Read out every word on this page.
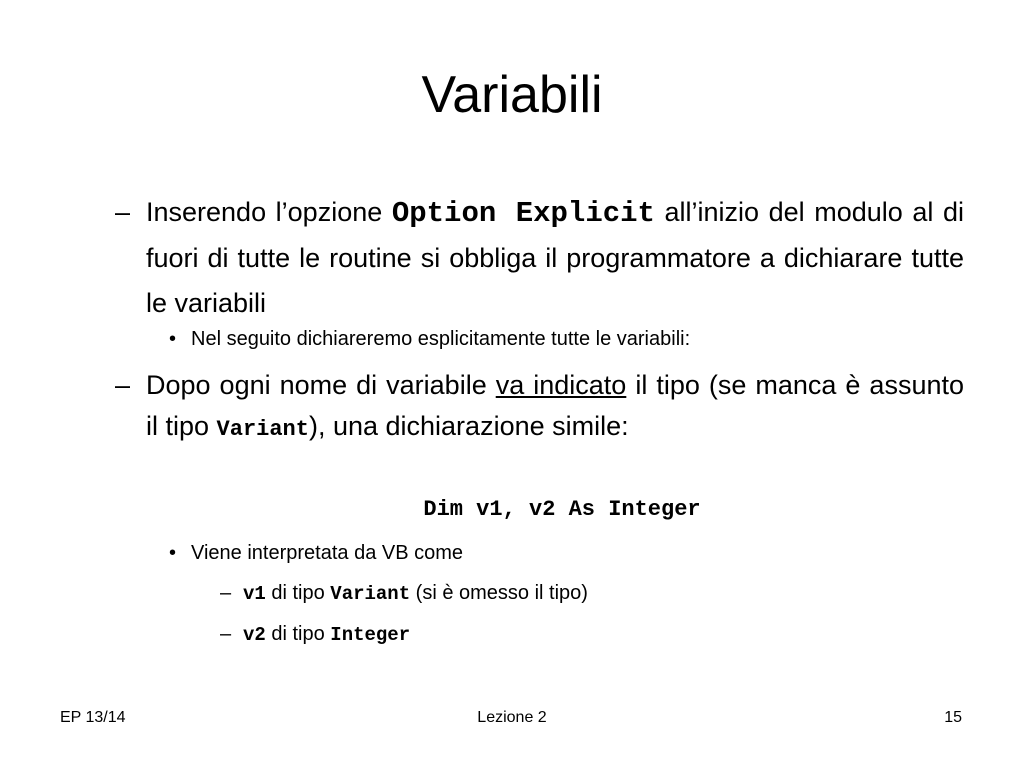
Variabili
– Inserendo l’opzione Option Explicit all’inizio del modulo al di fuori di tutte le routine si obbliga il programmatore a dichiarare tutte le variabili
• Nel seguito dichiareremo esplicitamente tutte le variabili:
– Dopo ogni nome di variabile va indicato il tipo (se manca è assunto il tipo Variant), una dichiarazione simile:
Dim v1, v2 As Integer
• Viene interpretata da VB come
– v1 di tipo Variant (si è omesso il tipo)
– v2 di tipo Integer
EP 13/14	Lezione 2	15
